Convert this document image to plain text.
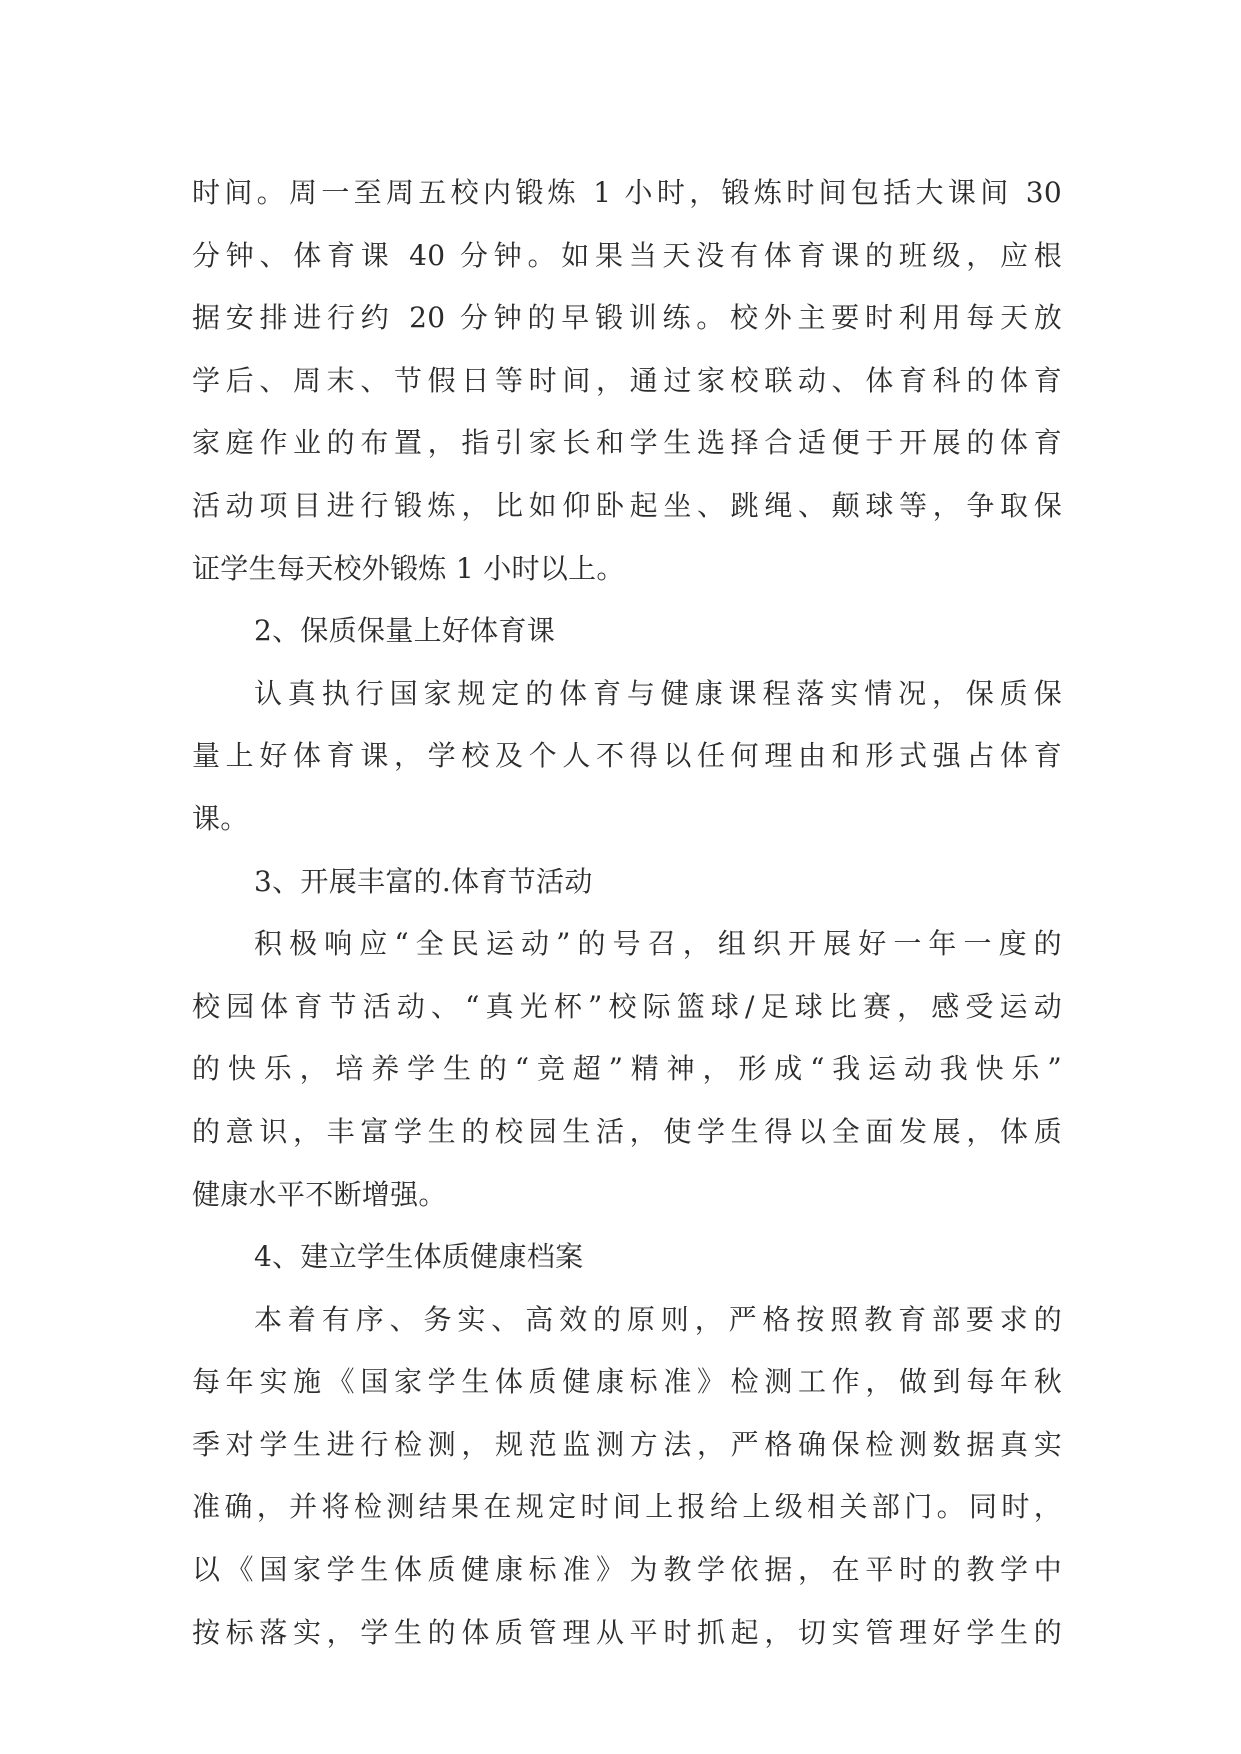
时间。周一至周五校内锻炼 1 小时，锻炼时间包括大课间 30
分钟、体育课 40 分钟。如果当天没有体育课的班级，应根
据安排进行约 20 分钟的早锻训练。校外主要时利用每天放
学后、周末、节假日等时间，通过家校联动、体育科的体育
家庭作业的布置，指引家长和学生选择合适便于开展的体育
活动项目进行锻炼，比如仰卧起坐、跳绳、颠球等，争取保
证学生每天校外锻炼 1 小时以上。
2、保质保量上好体育课
认真执行国家规定的体育与健康课程落实情况，保质保
量上好体育课，学校及个人不得以任何理由和形式强占体育
课。
3、开展丰富的.体育节活动
积极响应“全民运动”的号召，组织开展好一年一度的
校园体育节活动、“真光杯”校际篮球/足球比赛，感受运动
的快乐，培养学生的“竞超”精神，形成“我运动我快乐”
的意识，丰富学生的校园生活，使学生得以全面发展，体质
健康水平不断增强。
4、建立学生体质健康档案
本着有序、务实、高效的原则，严格按照教育部要求的
每年实施《国家学生体质健康标准》检测工作，做到每年秋
季对学生进行检测，规范监测方法，严格确保检测数据真实
准确，并将检测结果在规定时间上报给上级相关部门。同时，
以《国家学生体质健康标准》为教学依据，在平时的教学中
按标落实，学生的体质管理从平时抓起，切实管理好学生的
